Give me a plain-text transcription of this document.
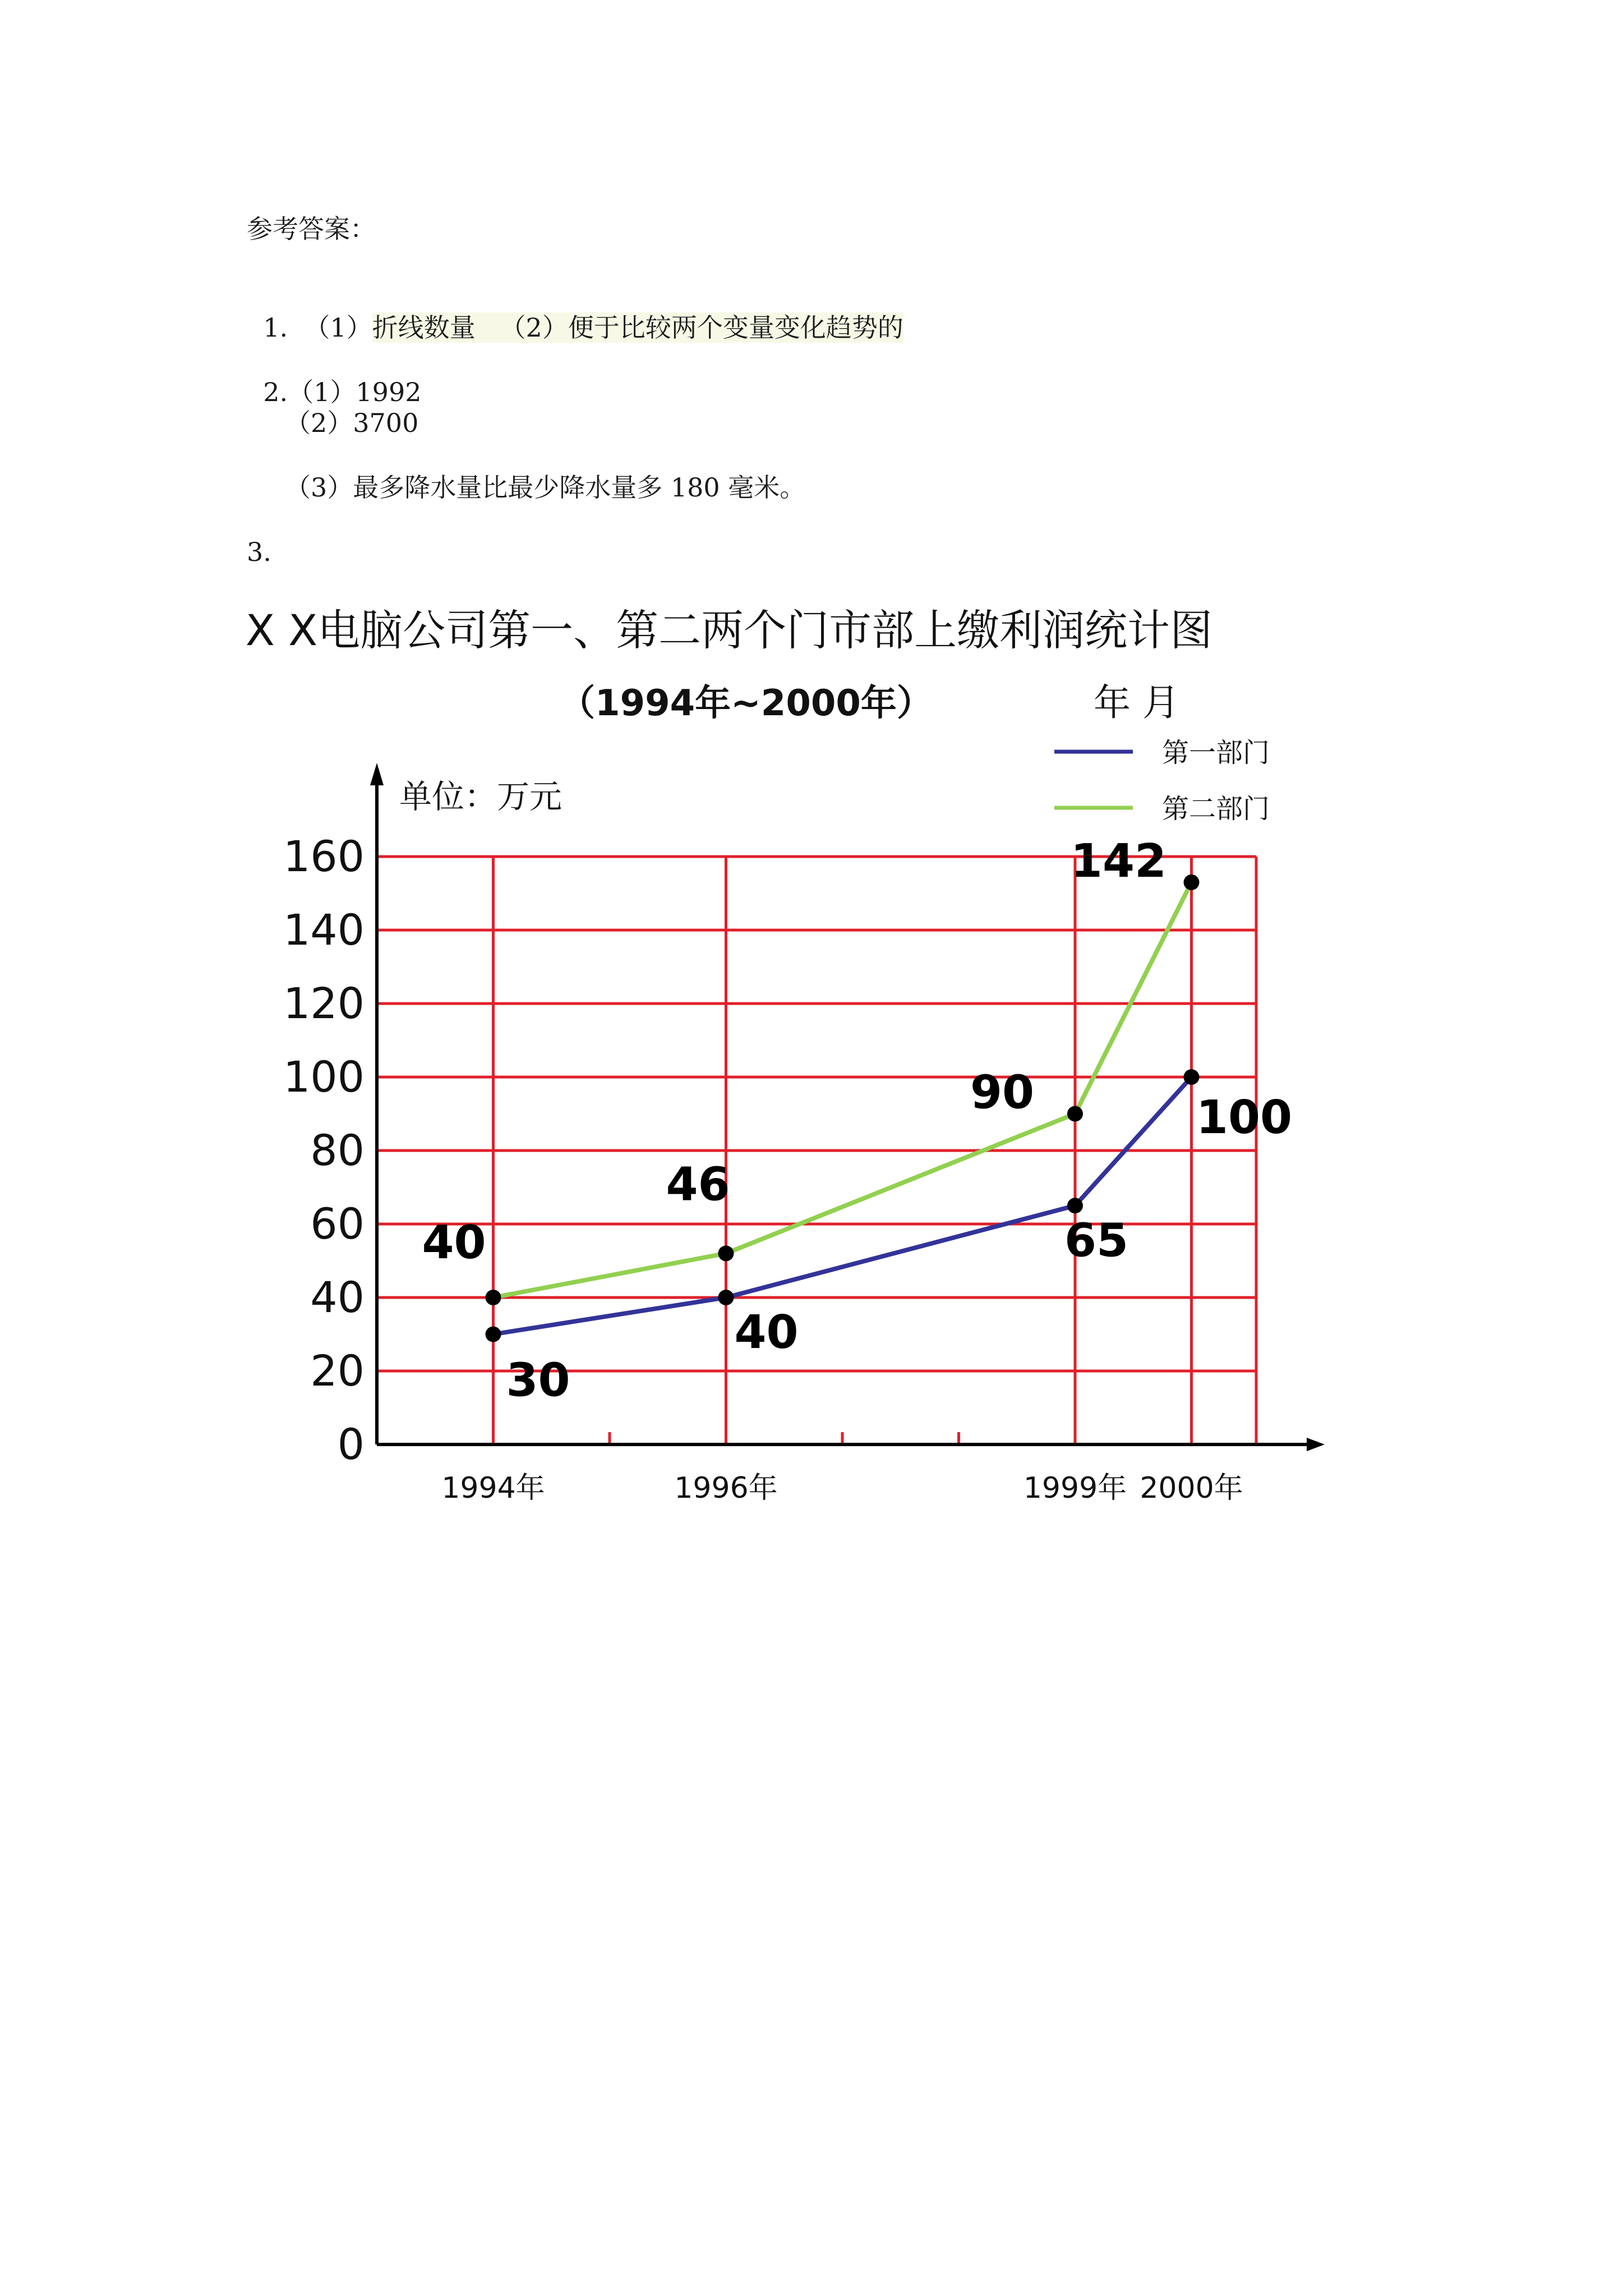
参考答案：

1. （1）折线数量 （2）便于比较两个变量变化趋势的

2.（1）1992

（2）3700
（3）最多降水量比最少降水量多 180 毫米。
3.
X X电脑公司第一、第二两个门市部上缴利润统计图
（1994年~2000年）	年 月
单位：万元
第一部门
第二部门
0
20
40
60
80
100
120
140
160
1994年	1996年	1999年 2000年
30
40
65
100
40
46
90
142
